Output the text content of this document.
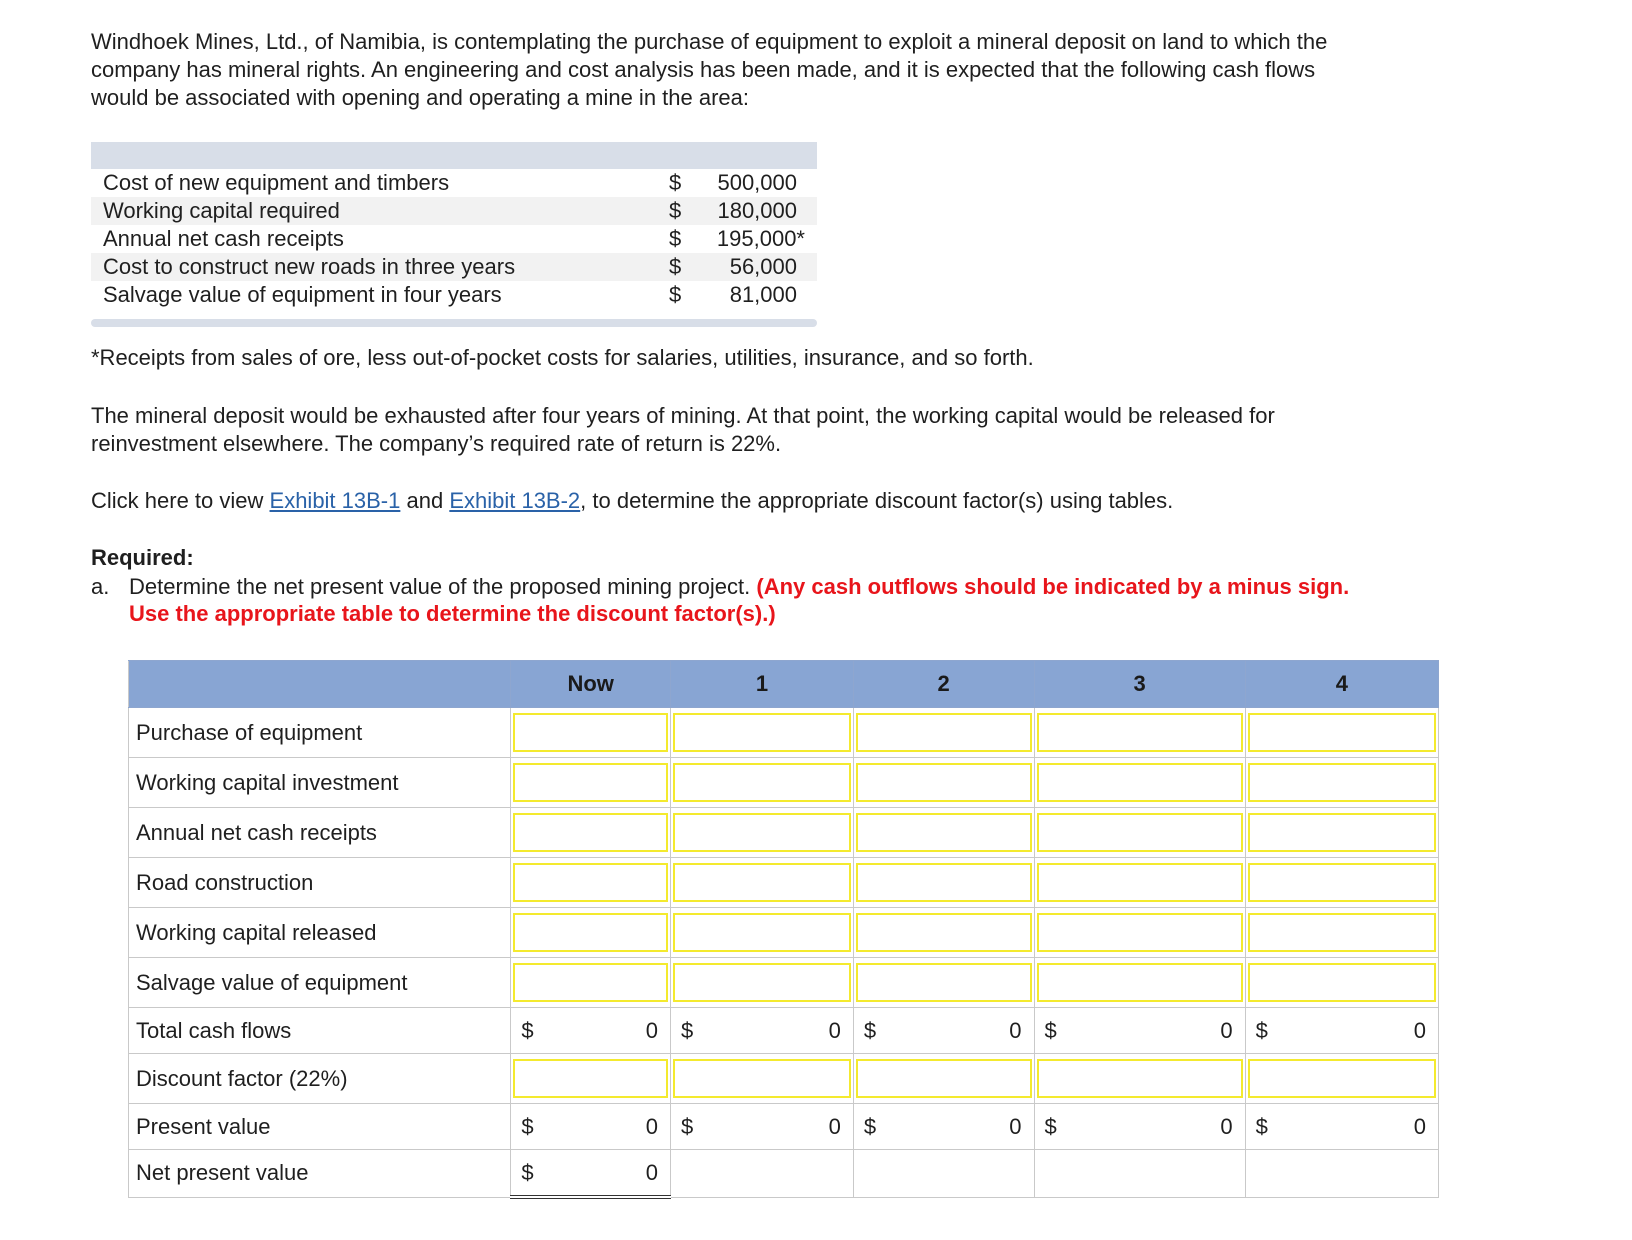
Windhoek Mines, Ltd., of Namibia, is contemplating the purchase of equipment to exploit a mineral deposit on land to which the company has mineral rights. An engineering and cost analysis has been made, and it is expected that the following cash flows would be associated with opening and operating a mine in the area:

Cost of new equipment and timbers	$ 500,000
Working capital required	$ 180,000
Annual net cash receipts	$ 195,000*
Cost to construct new roads in three years	$ 56,000
Salvage value of equipment in four years	$ 81,000

*Receipts from sales of ore, less out-of-pocket costs for salaries, utilities, insurance, and so forth.

The mineral deposit would be exhausted after four years of mining. At that point, the working capital would be released for reinvestment elsewhere. The company’s required rate of return is 22%.

Click here to view Exhibit 13B-1 and Exhibit 13B-2, to determine the appropriate discount factor(s) using tables.

Required:
a. Determine the net present value of the proposed mining project. (Any cash outflows should be indicated by a minus sign. Use the appropriate table to determine the discount factor(s).)
	Now	1	2	3	4
Purchase of equipment	

Working capital investment	

Annual net cash receipts	

Road construction	

Working capital released	

Salvage value of equipment	

Total cash flows	$ 0	$ 0	$ 0	$ 0	$ 0

Discount factor (22%)	

Present value	$ 0	$ 0	$ 0	$ 0	$ 0

Net present value	$ 0				
